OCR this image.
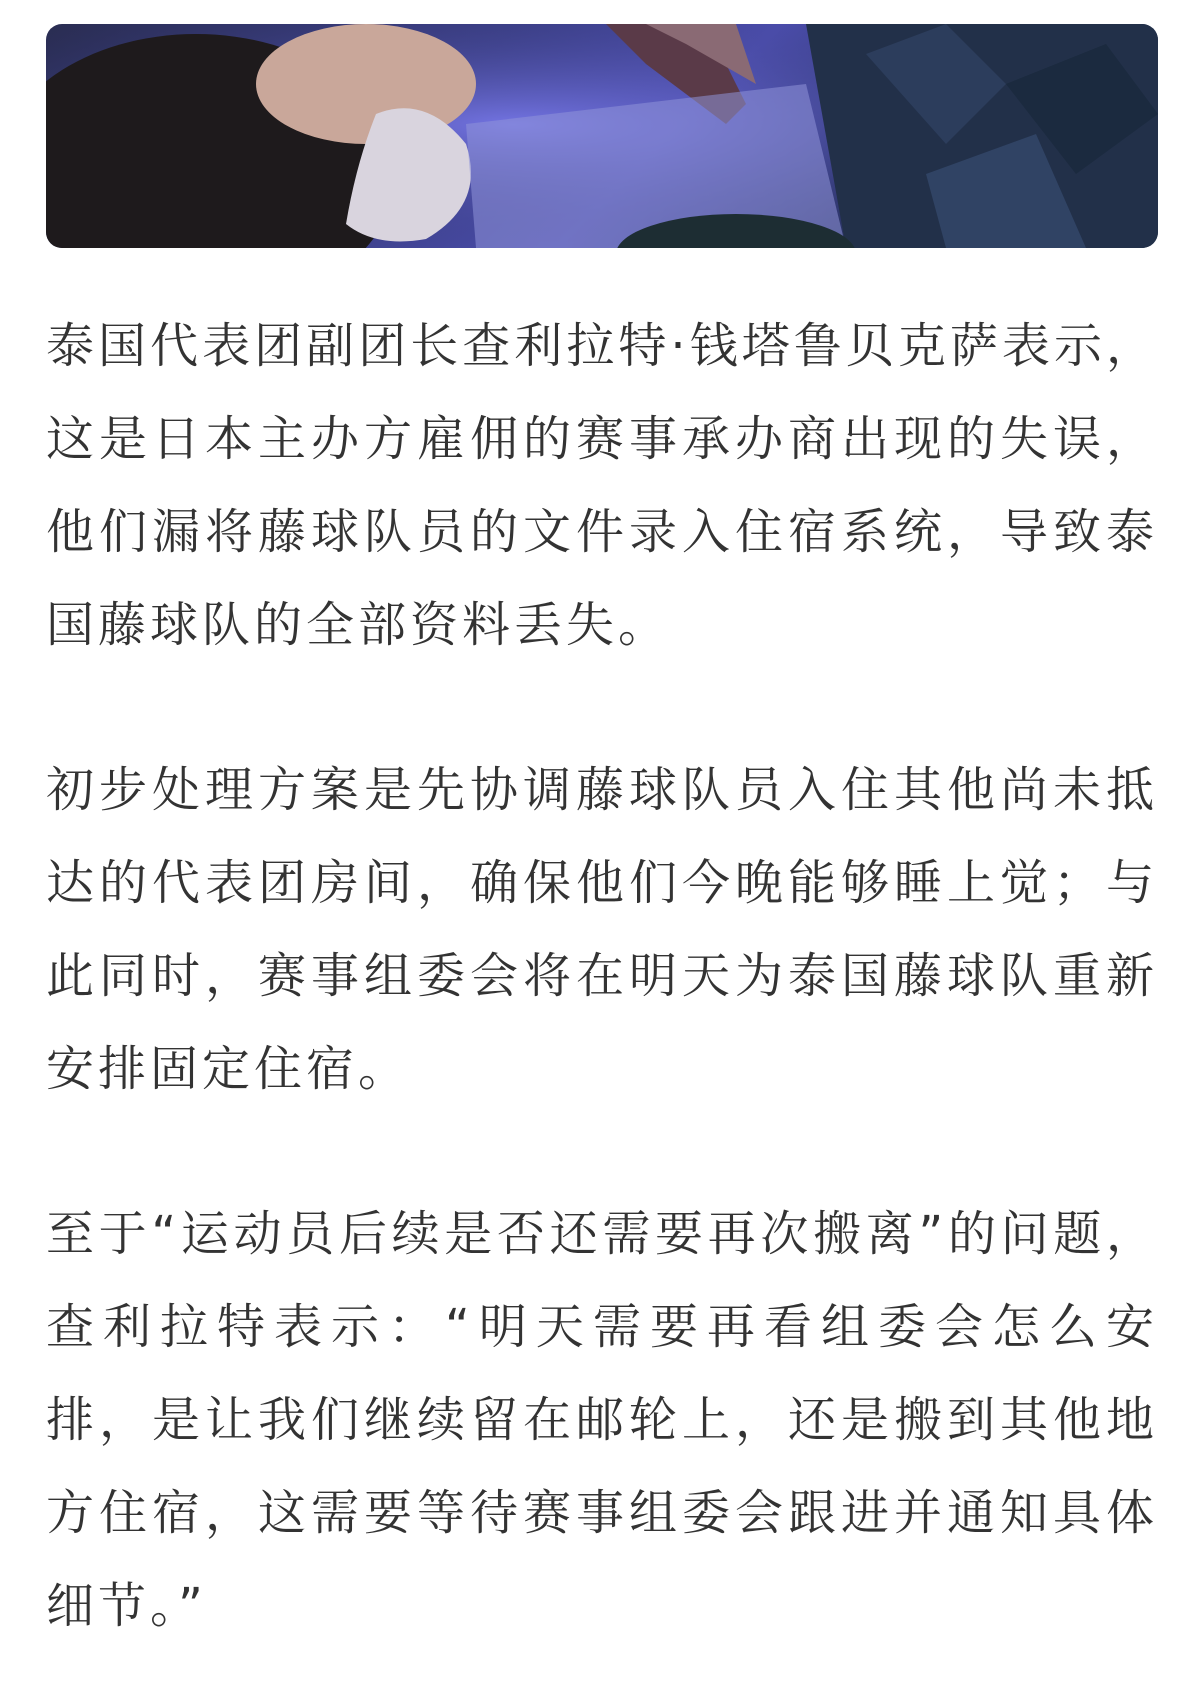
泰国代表团副团长查利拉特·钱塔鲁贝克萨表示，这是日本主办方雇佣的赛事承办商出现的失误，他们漏将藤球队员的文件录入住宿系统，导致泰国藤球队的全部资料丢失。

初步处理方案是先协调藤球队员入住其他尚未抵达的代表团房间，确保他们今晚能够睡上觉；与此同时，赛事组委会将在明天为泰国藤球队重新安排固定住宿。

至于“运动员后续是否还需要再次搬离”的问题，查利拉特表示：“明天需要再看组委会怎么安排，是让我们继续留在邮轮上，还是搬到其他地方住宿，这需要等待赛事组委会跟进并通知具体细节。”
